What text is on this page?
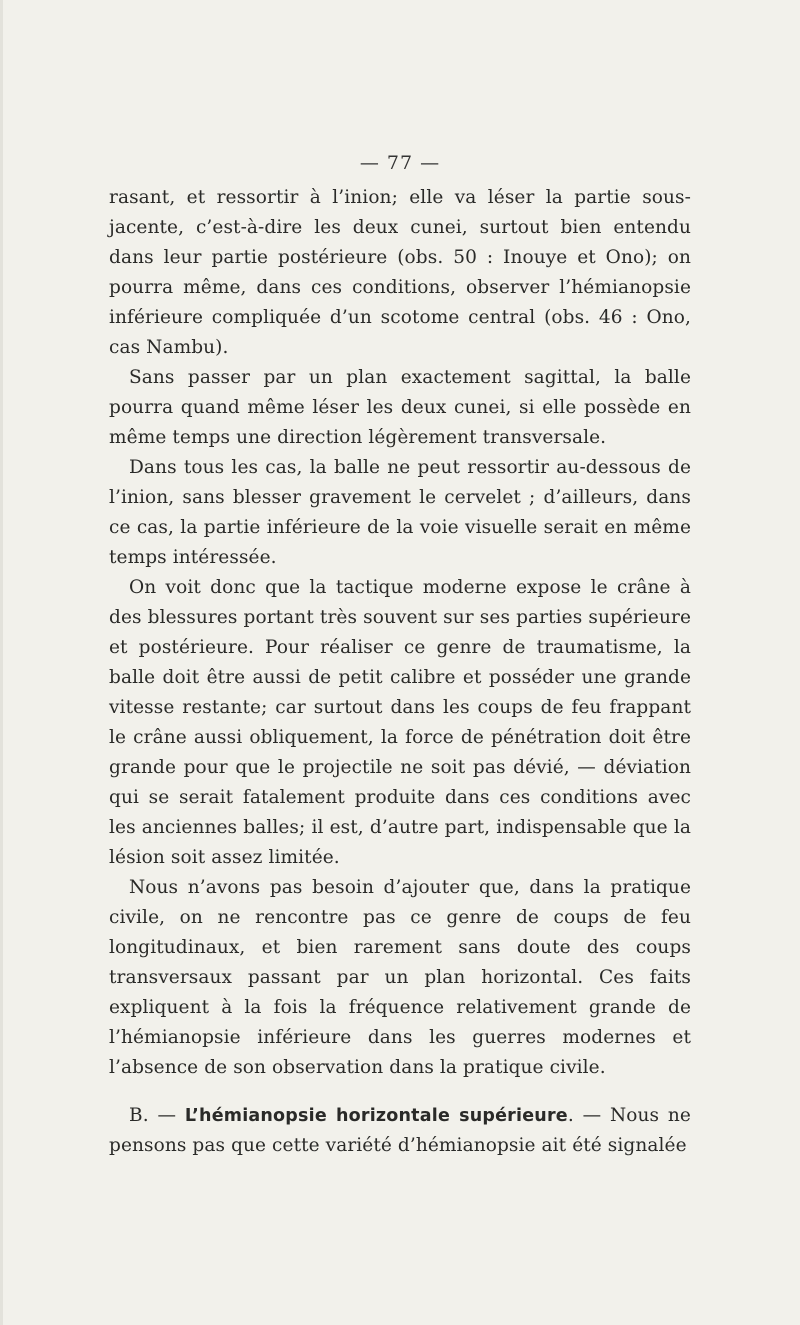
— 77 —

rasant, et ressortir à l’inion; elle va léser la partie sous-jacente, c’est-à-dire les deux cunei, surtout bien entendu dans leur partie postérieure (obs. 50 : Inouye et Ono); on pourra même, dans ces conditions, observer l’hémianopsie inférieure compliquée d’un scotome central (obs. 46 : Ono, cas Nambu).

Sans passer par un plan exactement sagittal, la balle pourra quand même léser les deux cunei, si elle possède en même temps une direction légèrement transversale.

Dans tous les cas, la balle ne peut ressortir au-dessous de l’inion, sans blesser gravement le cervelet ; d’ailleurs, dans ce cas, la partie inférieure de la voie visuelle serait en même temps intéressée.

On voit donc que la tactique moderne expose le crâne à des blessures portant très souvent sur ses parties supérieure et postérieure. Pour réaliser ce genre de traumatisme, la balle doit être aussi de petit calibre et posséder une grande vitesse restante; car surtout dans les coups de feu frappant le crâne aussi obliquement, la force de pénétration doit être grande pour que le projectile ne soit pas dévié, — déviation qui se serait fatalement produite dans ces conditions avec les anciennes balles; il est, d’autre part, indispensable que la lésion soit assez limitée.

Nous n’avons pas besoin d’ajouter que, dans la pratique civile, on ne rencontre pas ce genre de coups de feu longitudinaux, et bien rarement sans doute des coups transversaux passant par un plan horizontal. Ces faits expliquent à la fois la fréquence relativement grande de l’hémianopsie inférieure dans les guerres modernes et l’absence de son observation dans la pratique civile.

B. — L’hémianopsie horizontale supérieure. — Nous ne pensons pas que cette variété d’hémianopsie ait été signalée
